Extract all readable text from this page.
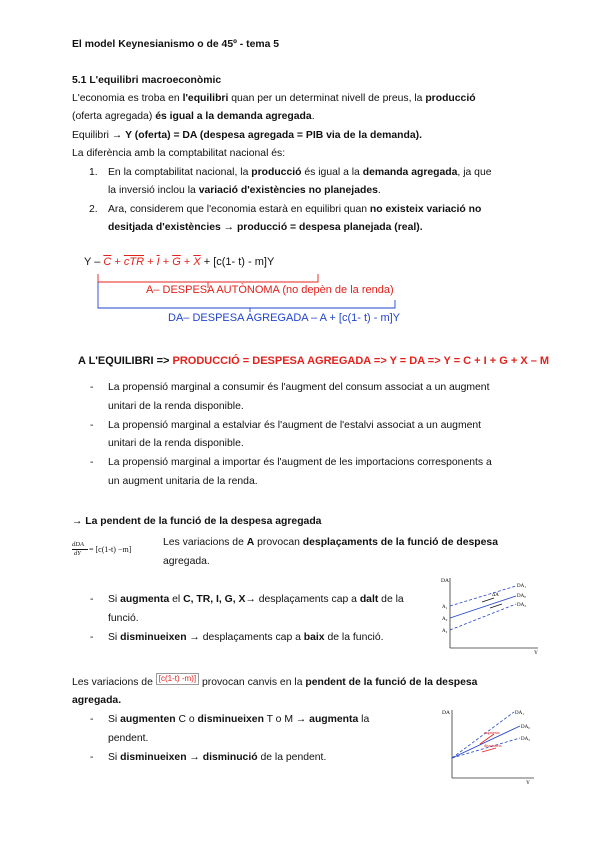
El model Keynesianismo o de 45º - tema 5
5.1 L'equilibri macroeconòmic
L'economia es troba en l'equilibri quan per un determinat nivell de preus, la producció
(oferta agregada) és igual a la demanda agregada.
Equilibri → Y (oferta) = DA (despesa agregada = PIB via de la demanda).
La diferència amb la comptabilitat nacional és:
1. En la comptabilitat nacional, la producció és igual a la demanda agregada, ja que
la inversió inclou la variació d'existències no planejades.
2. Ara, considerem que l'economia estarà en equilibri quan no existeix variació no
desitjada d'existències → producció = despesa planejada (real).
$Y - \overline{C} + \overline{cTR} + \overline{I} + \overline{G} + \overline{X} + [c(1-$ t) - m]Y
A– DESPESA AUTÒNOMA (no depèn de la renda)
DA– DESPESA AGREGADA – A + [c(1- t) - m]Y
A L'EQUILIBRI => PRODUCCIÓ = DESPESA AGREGADA => Y = DA => Y = C + I + G + X – M
- La propensió marginal a consumir és l'augment del consum associat a un augment
unitari de la renda disponible.
- La propensió marginal a estalviar és l'augment de l'estalvi associat a un augment
unitari de la renda disponible.
- La propensió marginal a importar és l'augment de les importacions corresponents a
un augment unitaria de la renda.
→ La pendent de la funció de la despesa agregada
dDA
dY = [c(1-t) −m]
Les variacions de A provocan desplaçaments de la funció de despesa
agregada.
- Si augmenta el C, TR, I, G, X→ desplaçaments cap a dalt de la
funció.
- Si disminueixen → desplaçaments cap a baix de la funció.
DA
Y
DA₁
DA₀
DA₂
A₁
A₀
A₂
ΔA
Les variacions de [c(1-t) -m)] provocan canvis en la pendent de la funció de la despesa
agregada.
- Si augmenten C o disminueixen T o M → augmenta la
pendent.
- Si disminueixen → disminució de la pendent.
DA
Y
DA₁
DA₀
DA₂
augmenta
disminueix
